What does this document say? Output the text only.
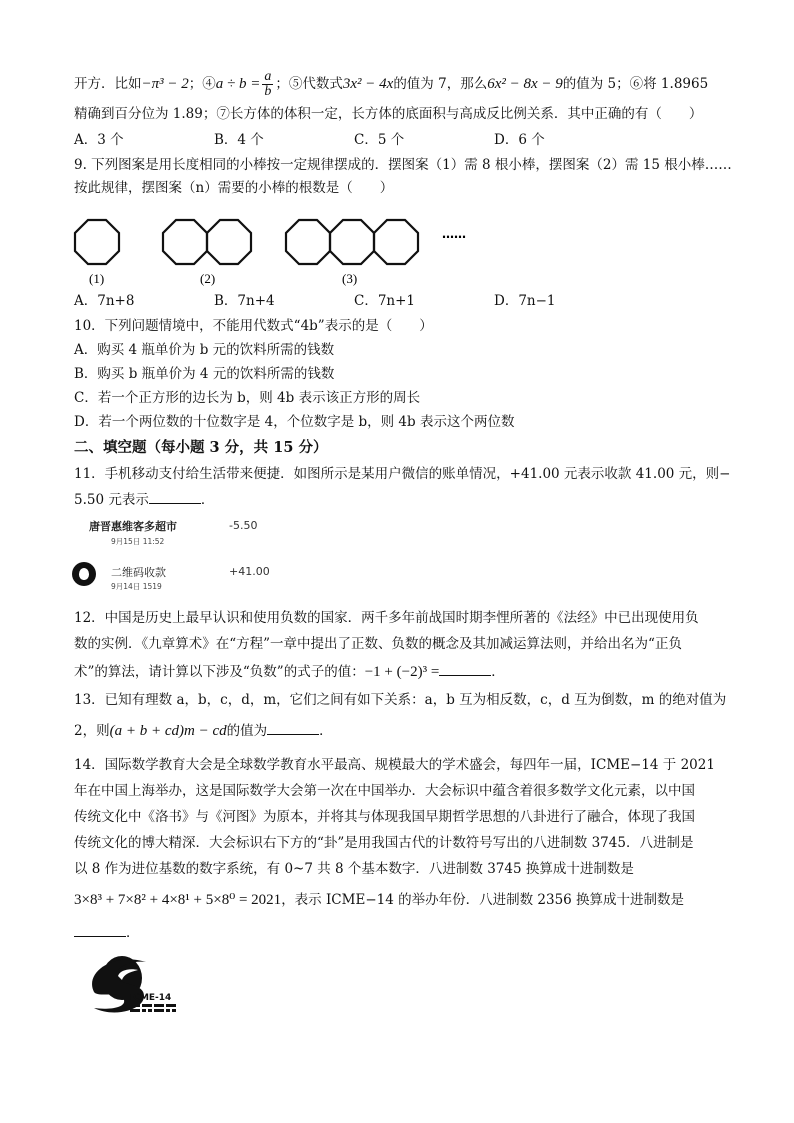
开方．比如−π³ − 2；④a ÷ $b = \frac{a}{b}$ ；⑤代数式3x² − 4x的值为 7，那么6x² − 8x − 9的值为 5；⑥将 1.8965
精确到百分位为 1.89；⑦长方体的体积一定，长方体的底面积与高成反比例关系．其中正确的有（　　）
A．3 个	B．4 个	C．5 个	D．6 个
9. 下列图案是用长度相同的小棒按一定规律摆成的．摆图案（1）需 8 根小棒，摆图案（2）需 15 根小棒……
按此规律，摆图案（n）需要的小棒的根数是（　　）
(1)	(2)	(3)
……
A．7n+8	B．7n+4	C．7n+1	D．7n−1
10．下列问题情境中，不能用代数式“4b”表示的是（　　）
A．购买 4 瓶单价为 b 元的饮料所需的钱数
B．购买 b 瓶单价为 4 元的饮料所需的钱数
C．若一个正方形的边长为 b，则 4b 表示该正方形的周长
D．若一个两位数的十位数字是 4，个位数字是 b，则 4b 表示这个两位数
二、填空题（每小题 3 分，共 15 分）
11．手机移动支付给生活带来便捷．如图所示是某用户微信的账单情况，+41.00 元表示收款 41.00 元，则−
5.50 元表示	．
唐晋惠维客多超市
9月15日 11:52
-5.50
二维码收款
9月14日 1519
+41.00
12．中国是历史上最早认识和使用负数的国家．两千多年前战国时期李悝所著的《法经》中已出现使用负
数的实例．《九章算术》在“方程”一章中提出了正数、负数的概念及其加减运算法则，并给出名为“正负
术”的算法，请计算以下涉及“负数”的式子的值：−1 + (−2)³ =	．
13．已知有理数 a，b，c，d，m，它们之间有如下关系：a，b 互为相反数，c，d 互为倒数，m 的绝对值为
2，则(a + b + cd)m − cd的值为	．
14．国际数学教育大会是全球数学教育水平最高、规模最大的学术盛会，每四年一届，ICME−14 于 2021
年在中国上海举办，这是国际数学大会第一次在中国举办．大会标识中蕴含着很多数学文化元素，以中国
传统文化中《洛书》与《河图》为原本，并将其与体现我国早期哲学思想的八卦进行了融合，体现了我国
传统文化的博大精深．大会标识右下方的“卦”是用我国古代的计数符号写出的八进制数 3745．八进制是
以 8 作为进位基数的数字系统，有 0~7 共 8 个基本数字．八进制数 3745 换算成十进制数是
3×8³ + 7×8² + 4×8¹ + 5×8⁰ = 2021，表示 ICME−14 的举办年份．八进制数 2356 换算成十进制数是
．
ICME-14
